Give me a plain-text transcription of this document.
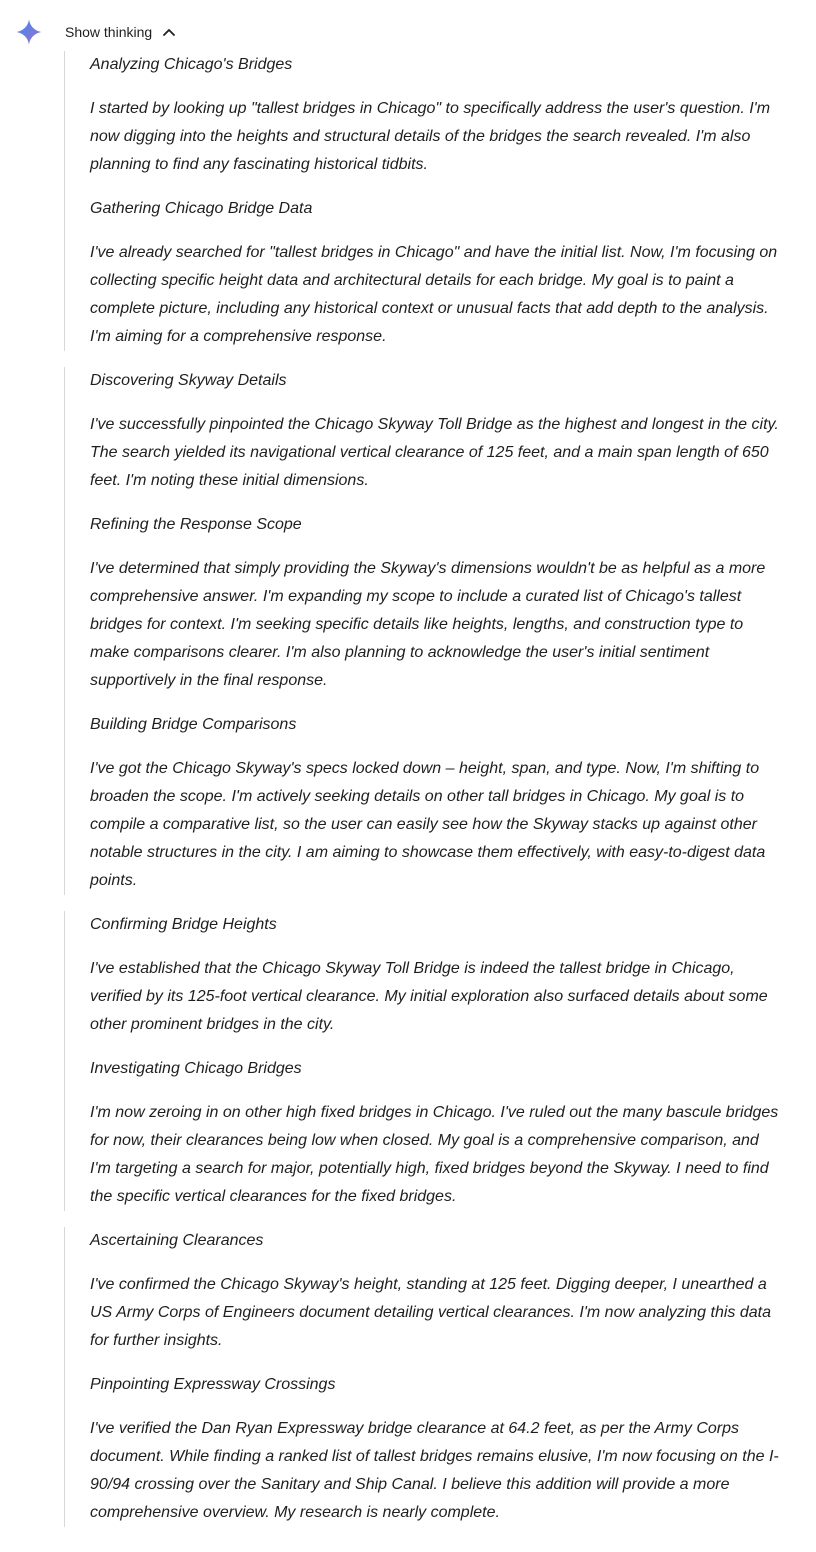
Show thinking
Analyzing Chicago's Bridges

I started by looking up "tallest bridges in Chicago" to specifically address the user's question. I'm now digging into the heights and structural details of the bridges the search revealed. I'm also planning to find any fascinating historical tidbits.

Gathering Chicago Bridge Data

I've already searched for "tallest bridges in Chicago" and have the initial list. Now, I'm focusing on collecting specific height data and architectural details for each bridge. My goal is to paint a complete picture, including any historical context or unusual facts that add depth to the analysis. I'm aiming for a comprehensive response.

Discovering Skyway Details

I've successfully pinpointed the Chicago Skyway Toll Bridge as the highest and longest in the city. The search yielded its navigational vertical clearance of 125 feet, and a main span length of 650 feet. I'm noting these initial dimensions.

Refining the Response Scope

I've determined that simply providing the Skyway's dimensions wouldn't be as helpful as a more comprehensive answer. I'm expanding my scope to include a curated list of Chicago's tallest bridges for context. I'm seeking specific details like heights, lengths, and construction type to make comparisons clearer. I'm also planning to acknowledge the user's initial sentiment supportively in the final response.

Building Bridge Comparisons

I've got the Chicago Skyway's specs locked down – height, span, and type. Now, I'm shifting to broaden the scope. I'm actively seeking details on other tall bridges in Chicago. My goal is to compile a comparative list, so the user can easily see how the Skyway stacks up against other notable structures in the city. I am aiming to showcase them effectively, with easy-to-digest data points.

Confirming Bridge Heights

I've established that the Chicago Skyway Toll Bridge is indeed the tallest bridge in Chicago, verified by its 125-foot vertical clearance. My initial exploration also surfaced details about some other prominent bridges in the city.

Investigating Chicago Bridges

I'm now zeroing in on other high fixed bridges in Chicago. I've ruled out the many bascule bridges for now, their clearances being low when closed. My goal is a comprehensive comparison, and I'm targeting a search for major, potentially high, fixed bridges beyond the Skyway. I need to find the specific vertical clearances for the fixed bridges.

Ascertaining Clearances

I've confirmed the Chicago Skyway's height, standing at 125 feet. Digging deeper, I unearthed a US Army Corps of Engineers document detailing vertical clearances. I'm now analyzing this data for further insights.

Pinpointing Expressway Crossings

I've verified the Dan Ryan Expressway bridge clearance at 64.2 feet, as per the Army Corps document. While finding a ranked list of tallest bridges remains elusive, I'm now focusing on the I-90/94 crossing over the Sanitary and Ship Canal. I believe this addition will provide a more comprehensive overview. My research is nearly complete.
